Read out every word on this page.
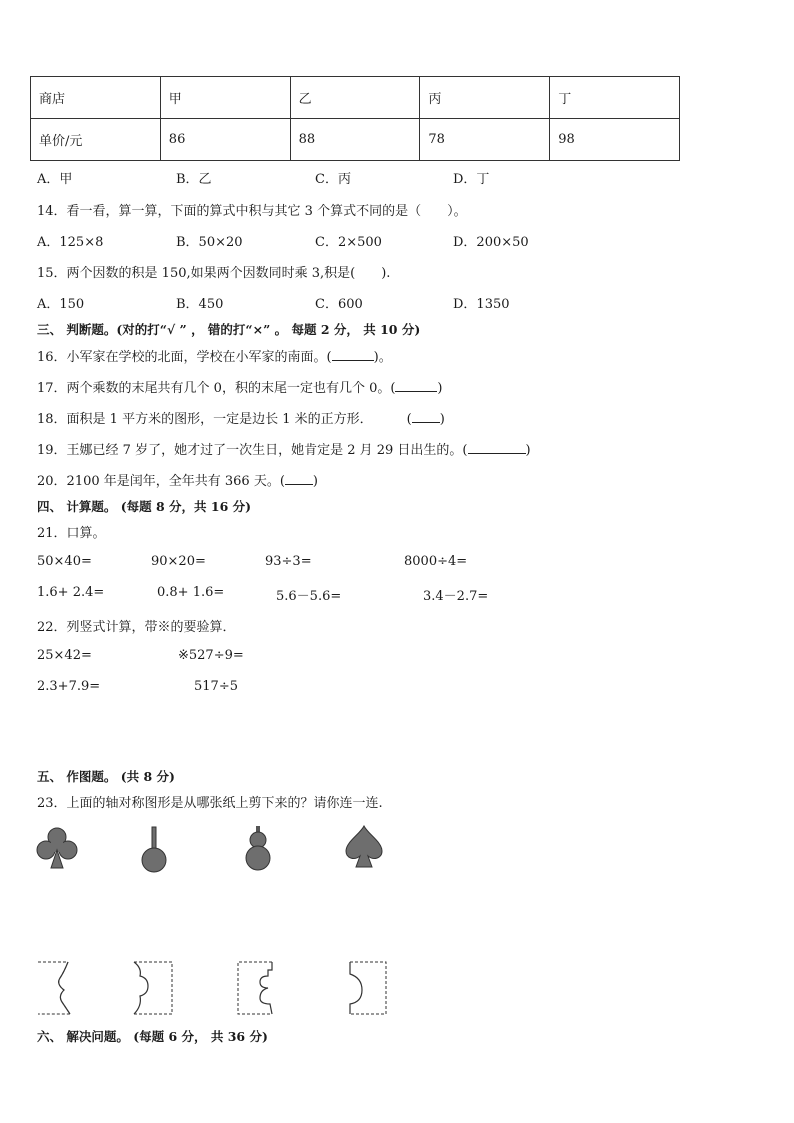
商店	甲	乙	丙	丁
单价/元	86	88	78	98
A．甲	B．乙	C．丙	D．丁
14．看一看，算一算，下面的算式中积与其它 3 个算式不同的是（　　）。
A．125×8	B．50×20	C．2×500	D．200×50
15．两个因数的积是 150,如果两个因数同时乘 3,积是(　　).
A．150	B．450	C．600	D．1350
三、 判断题。(对的打“√ ” ， 错的打“×” 。 每题 2 分， 共 10 分)
16．小军家在学校的北面，学校在小军家的南面。(	)。
17．两个乘数的末尾共有几个 0，积的末尾一定也有几个 0。(	)
18．面积是 1 平方米的图形，一定是边长 1 米的正方形．	( )
19．王娜已经 7 岁了，她才过了一次生日，她肯定是 2 月 29 日出生的。(	)
20．2100 年是闰年，全年共有 366 天。( )
四、 计算题。 (每题 8 分，共 16 分)
21．口算。
50×40=	90×20=	93÷3=	8000÷4=
1.6+ 2.4=	0.8+ 1.6=	5.6－5.6=	3.4－2.7=
22．列竖式计算，带※的要验算．
25×42=	※527÷9=
2.3+7.9=	517÷5
五、 作图题。 (共 8 分)
23．上面的轴对称图形是从哪张纸上剪下来的？请你连一连.
六、 解决问题。 (每题 6 分， 共 36 分)
